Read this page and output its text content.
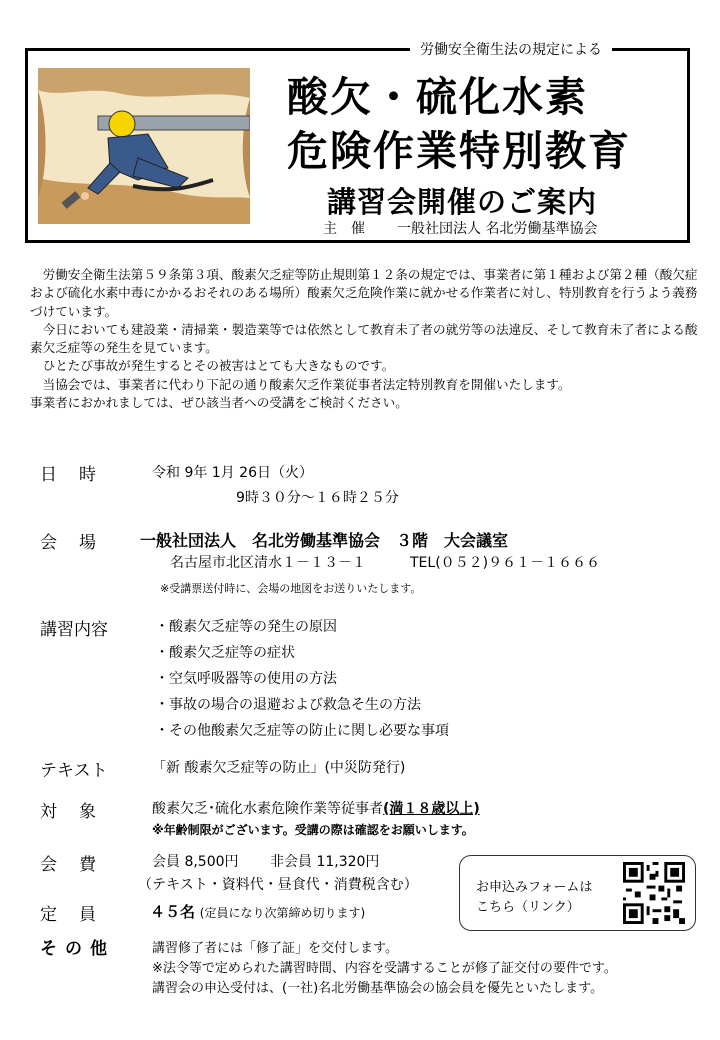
労働安全衛生法の規定による
酸欠・硫化水素
危険作業特別教育
講習会開催のご案内
主催 一般社団法人 名北労働基準協会

労働安全衛生法第５９条第３項、酸素欠乏症等防止規則第１２条の規定では、事業者に第１種および第２種（酸欠症および硫化水素中毒にかかるおそれのある場所）酸素欠乏危険作業に就かせる作業者に対し、特別教育を行うよう義務づけています。

今日においても建設業・清掃業・製造業等では依然として教育未了者の就労等の法違反、そして教育未了者による酸素欠乏症等の発生を見ています。

ひとたび事故が発生するとその被害はとても大きなものです。

当協会では、事業者に代わり下記の通り酸素欠乏作業従事者法定特別教育を開催いたします。

事業者におかれましては、ぜひ該当者への受講をご検討ください。

日時 令和 9年 1月 26日（火）
9時３０分～１６時２５分
会場 一般社団法人　名北労働基準協会　３階　大会議室
名古屋市北区清水１－１３－１	TEL(０５２)９６１－１６６６
※受講票送付時に、会場の地図をお送りいたします。
講習内容	・酸素欠乏症等の発生の原因
・酸素欠乏症等の症状
・空気呼吸器等の使用の方法
・事故の場合の退避および救急そ生の方法
・その他酸素欠乏症等の防止に関し必要な事項
テキスト	「新 酸素欠乏症等の防止」(中災防発行)
対象 酸素欠乏･硫化水素危険作業等従事者(満１８歳以上)
※年齢制限がございます。受講の際は確認をお願いします。
会費 会員 8,500円 非会員 11,320円
（テキスト・資料代・昼食代・消費税含む）
定員 ４５名 (定員になり次第締め切ります)
その他	講習修了者には「修了証」を交付します。
※法令等で定められた講習時間、内容を受講することが修了証交付の要件です。
講習会の申込受付は、(一社)名北労働基準協会の協会員を優先といたします。
お申込みフォームは
こちら（リンク）
